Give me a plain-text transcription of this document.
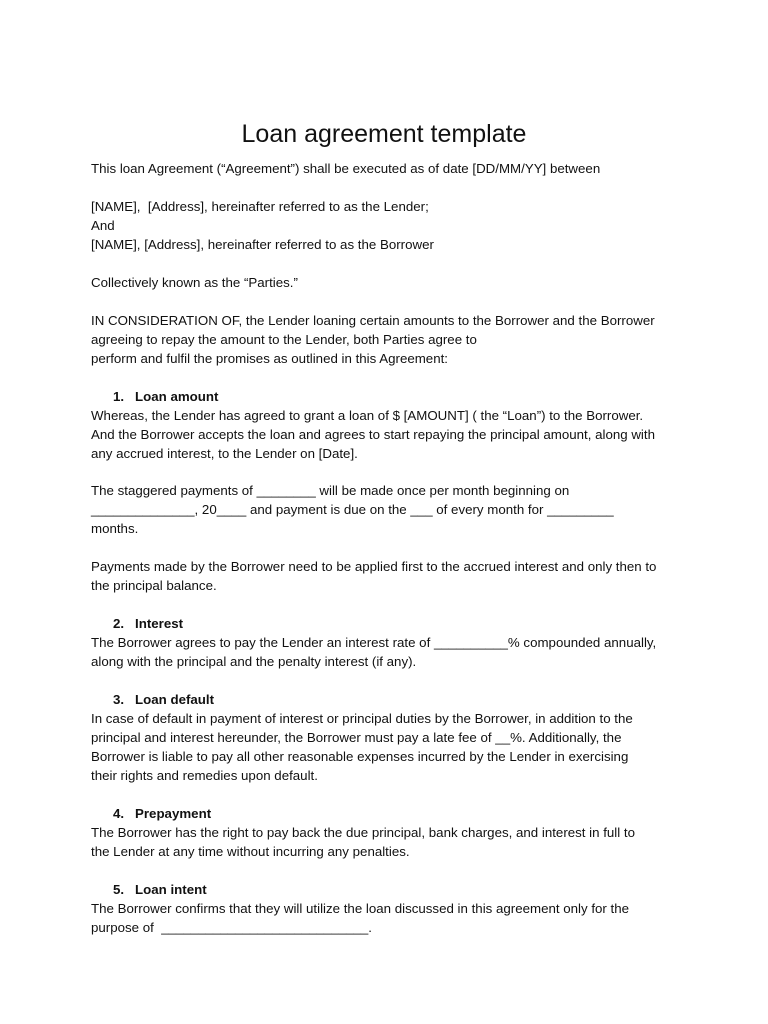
Loan agreement template

This loan Agreement (“Agreement”) shall be executed as of date [DD/MM/YY] between

[NAME],  [Address], hereinafter referred to as the Lender;
And
[NAME], [Address], hereinafter referred to as the Borrower

Collectively known as the “Parties.”

IN CONSIDERATION OF, the Lender loaning certain amounts to the Borrower and the Borrower
agreeing to repay the amount to the Lender, both Parties agree to
perform and fulfil the promises as outlined in this Agreement:

1. Loan amount

Whereas, the Lender has agreed to grant a loan of $ [AMOUNT] ( the “Loan”) to the Borrower.
And the Borrower accepts the loan and agrees to start repaying the principal amount, along with
any accrued interest, to the Lender on [Date].

The staggered payments of ________ will be made once per month beginning on
______________, 20____ and payment is due on the ___ of every month for _________
months.

Payments made by the Borrower need to be applied first to the accrued interest and only then to
the principal balance.

2. Interest

The Borrower agrees to pay the Lender an interest rate of __________% compounded annually,
along with the principal and the penalty interest (if any).

3. Loan default

In case of default in payment of interest or principal duties by the Borrower, in addition to the
principal and interest hereunder, the Borrower must pay a late fee of __%. Additionally, the
Borrower is liable to pay all other reasonable expenses incurred by the Lender in exercising
their rights and remedies upon default.

4. Prepayment

The Borrower has the right to pay back the due principal, bank charges, and interest in full to
the Lender at any time without incurring any penalties.

5. Loan intent

The Borrower confirms that they will utilize the loan discussed in this agreement only for the
purpose of  ____________________________.
